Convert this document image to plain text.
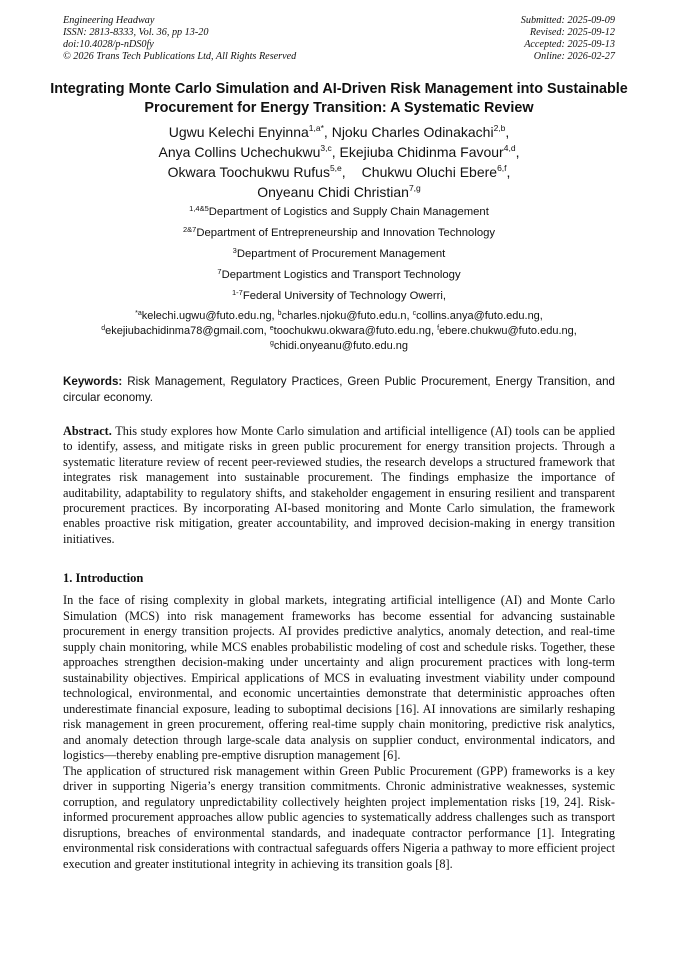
Engineering Headway
ISSN: 2813-8333, Vol. 36, pp 13-20
doi:10.4028/p-nDS0fy
© 2026 Trans Tech Publications Ltd, All Rights Reserved
Submitted: 2025-09-09
Revised: 2025-09-12
Accepted: 2025-09-13
Online: 2026-02-27
Integrating Monte Carlo Simulation and AI-Driven Risk Management into Sustainable Procurement for Energy Transition: A Systematic Review
Ugwu Kelechi Enyinna$^{1,a*}$, Njoku Charles Odinakachi$^{2,b}$,
Anya Collins Uchechukwu$^{3,c}$, Ekejiuba Chidinma Favour$^{4,d}$,
Okwara Toochukwu Rufus$^{5,e}$, Chukwu Oluchi Ebere$^{6,f}$,
Onyeanu Chidi Christian$^{7,g}$
$^{1,4\&5}$Department of Logistics and Supply Chain Management
$^{2\&7}$Department of Entrepreneurship and Innovation Technology
$^3$Department of Procurement Management
$^7$Department Logistics and Transport Technology
$^{1-7}$Federal University of Technology Owerri,
$^{*a}$kelechi.ugwu@futo.edu.ng, $^b$charles.njoku@futo.edu.n, $^c$collins.anya@futo.edu.ng,
$^d$ekejiubachidinma78@gmail.com, $^e$toochukwu.okwara@futo.edu.ng, $^f$ebere.chukwu@futo.edu.ng,
$^g$chidi.onyeanu@futo.edu.ng
Keywords: Risk Management, Regulatory Practices, Green Public Procurement, Energy Transition, and circular economy.
Abstract. This study explores how Monte Carlo simulation and artificial intelligence (AI) tools can be applied to identify, assess, and mitigate risks in green public procurement for energy transition projects. Through a systematic literature review of recent peer-reviewed studies, the research develops a structured framework that integrates risk management into sustainable procurement. The findings emphasize the importance of auditability, adaptability to regulatory shifts, and stakeholder engagement in ensuring resilient and transparent procurement practices. By incorporating AI-based monitoring and Monte Carlo simulation, the framework enables proactive risk mitigation, greater accountability, and improved decision-making in energy transition initiatives.
1. Introduction

In the face of rising complexity in global markets, integrating artificial intelligence (AI) and Monte Carlo Simulation (MCS) into risk management frameworks has become essential for advancing sustainable procurement in energy transition projects. AI provides predictive analytics, anomaly detection, and real-time supply chain monitoring, while MCS enables probabilistic modeling of cost and schedule risks. Together, these approaches strengthen decision-making under uncertainty and align procurement practices with long-term sustainability objectives. Empirical applications of MCS in evaluating investment viability under compound technological, environmental, and economic uncertainties demonstrate that deterministic approaches often underestimate financial exposure, leading to suboptimal decisions [16]. AI innovations are similarly reshaping risk management in green procurement, offering real-time supply chain monitoring, predictive risk analytics, and anomaly detection through large-scale data analysis on supplier conduct, environmental indicators, and logistics—thereby enabling pre-emptive disruption management [6].

The application of structured risk management within Green Public Procurement (GPP) frameworks is a key driver in supporting Nigeria’s energy transition commitments. Chronic administrative weaknesses, systemic corruption, and regulatory unpredictability collectively heighten project implementation risks [19, 24]. Risk-informed procurement approaches allow public agencies to systematically address challenges such as transport disruptions, breaches of environmental standards, and inadequate contractor performance [1]. Integrating environmental risk considerations with contractual safeguards offers Nigeria a pathway to more efficient project execution and greater institutional integrity in achieving its transition goals [8].
